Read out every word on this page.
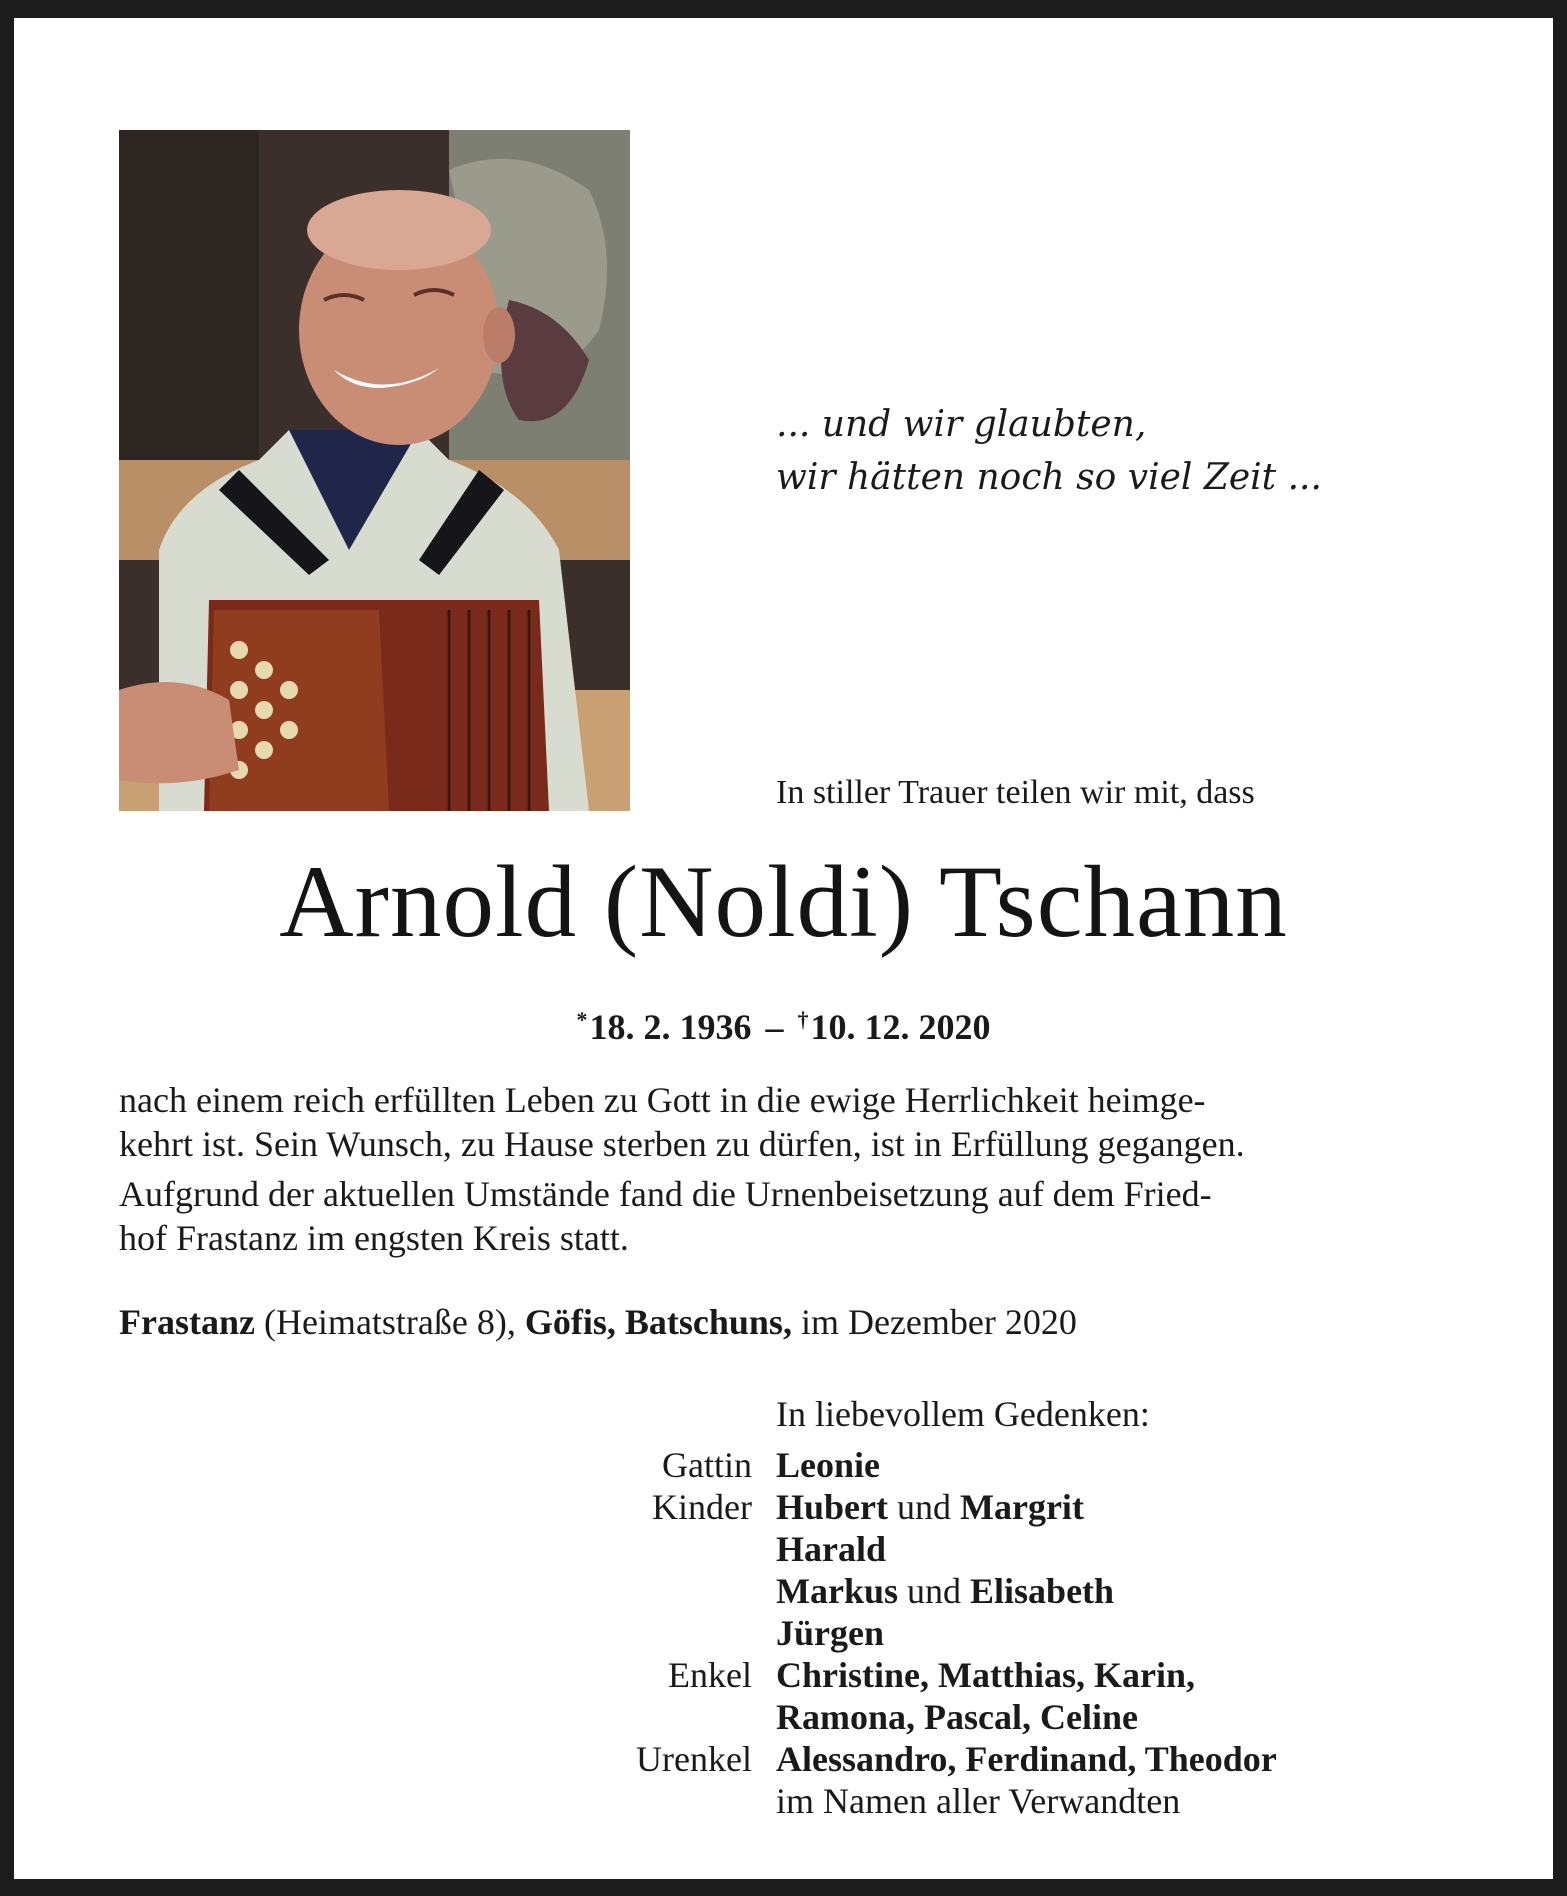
... und wir glaubten,
wir hätten noch so viel Zeit ...
In stiller Trauer teilen wir mit, dass
Arnold (Noldi) Tschann
*18. 2. 1936 – †10. 12. 2020

nach einem reich erfüllten Leben zu Gott in die ewige Herrlichkeit heimge-
kehrt ist. Sein Wunsch, zu Hause sterben zu dürfen, ist in Erfüllung gegangen.

Aufgrund der aktuellen Umstände fand die Urnenbeisetzung auf dem Fried-
hof Frastanz im engsten Kreis statt.

Frastanz (Heimatstraße 8), Göfis, Batschuns, im Dezember 2020
In liebevollem Gedenken:
Gattin Leonie
Kinder Hubert und Margrit
Harald
Markus und Elisabeth
Jürgen
Enkel Christine, Matthias, Karin,
Ramona, Pascal, Celine
Urenkel Alessandro, Ferdinand, Theodor
im Namen aller Verwandten
